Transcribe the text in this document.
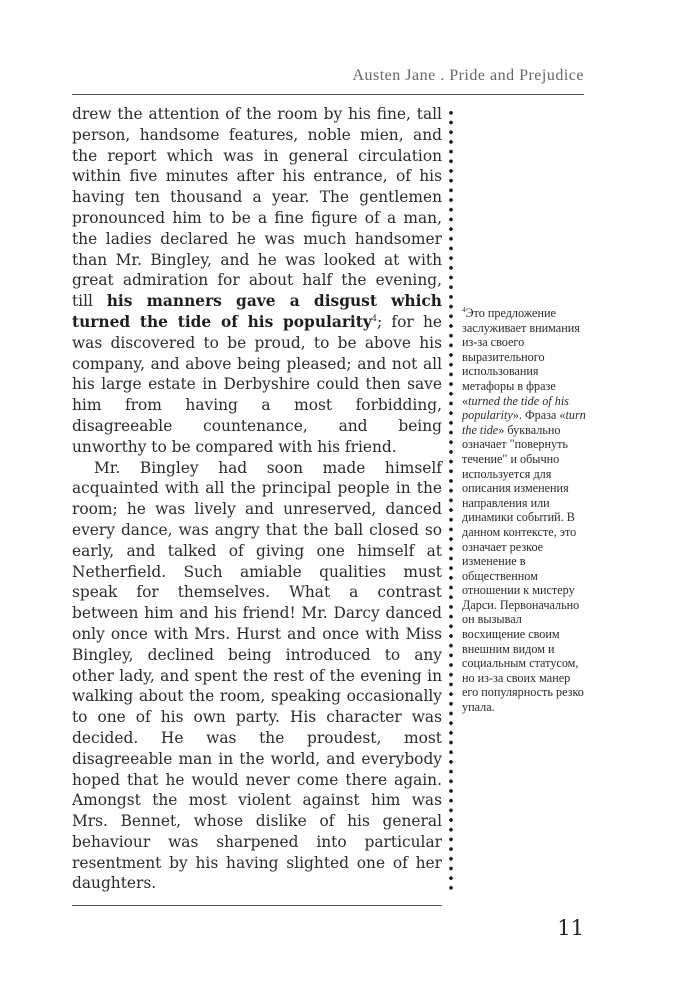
Austen Jane . Pride and Prejudice

drew the attention of the room by his fine, tall person, handsome features, noble mien, and the report which was in general circulation within five minutes after his entrance, of his having ten thousand a year. The gentlemen pronounced him to be a fine figure of a man, the ladies declared he was much handsomer than Mr. Bingley, and he was looked at with great admiration for about half the evening, till his manners gave a disgust which turned the tide of his popularity$^4$; for he was discovered to be proud, to be above his company, and above being pleased; and not all his large estate in Derbyshire could then save him from having a most forbidding, disagreeable countenance, and being unworthy to be compared with his friend.

Mr. Bingley had soon made himself acquainted with all the principal people in the room; he was lively and unreserved, danced every dance, was angry that the ball closed so early, and talked of giving one himself at Netherfield. Such amiable qualities must speak for themselves. What a contrast between him and his friend! Mr. Darcy danced only once with Mrs. Hurst and once with Miss Bingley, declined being introduced to any other lady, and spent the rest of the evening in walking about the room, speaking occasionally to one of his own party. His character was decided. He was the proudest, most disagreeable man in the world, and everybody hoped that he would never come there again. Amongst the most violent against him was Mrs. Bennet, whose dislike of his general behaviour was sharpened into particular resentment by his having slighted one of her daughters.

$^4$Это предложение заслуживает внимания из-за своего выразительного использования метафоры в фразе «turned the tide of his popularity». Фраза «turn the tide» буквально означает "повернуть течение" и обычно используется для описания изменения направления или динамики событий. В данном контексте, это означает резкое изменение в общественном отношении к мистеру Дарси. Первоначально он вызывал восхищение своим внешним видом и социальным статусом, но из-за своих манер его популярность резко упала.
11
